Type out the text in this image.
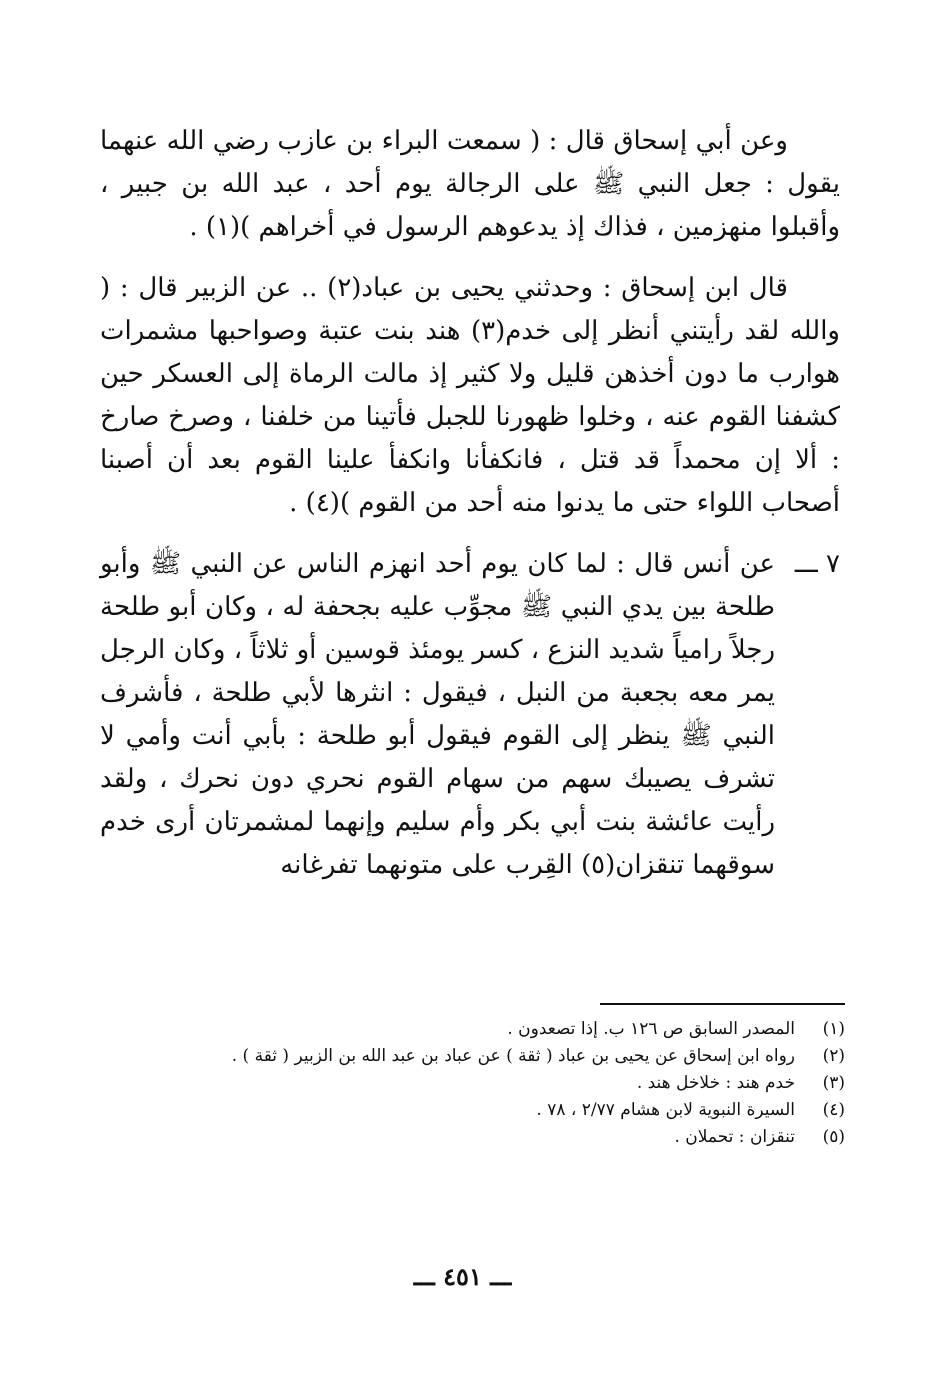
وعن أبي إسحاق قال : ( سمعت البراء بن عازب رضي الله عنهما يقول : جعل النبي ﷺ على الرجالة يوم أحد ، عبد الله بن جبير ، وأقبلوا منهزمين ، فذاك إذ يدعوهم الرسول في أخراهم )(١) .

قال ابن إسحاق : وحدثني يحيى بن عباد(٢) .. عن الزبير قال : ( والله لقد رأيتني أنظر إلى خدم(٣) هند بنت عتبة وصواحبها مشمرات هوارب ما دون أخذهن قليل ولا كثير إذ مالت الرماة إلى العسكر حين كشفنا القوم عنه ، وخلوا ظهورنا للجبل فأتينا من خلفنا ، وصرخ صارخ : ألا إن محمداً قد قتل ، فانكفأنا وانكفأ علينا القوم بعد أن أصبنا أصحاب اللواء حتى ما يدنوا منه أحد من القوم )(٤) .

٧ ـــ
عن أنس قال : لما كان يوم أحد انهزم الناس عن النبي ﷺ وأبو طلحة بين يدي النبي ﷺ مجوِّب عليه بجحفة له ، وكان أبو طلحة رجلاً رامياً شديد النزع ، كسر يومئذ قوسين أو ثلاثاً ، وكان الرجل يمر معه بجعبة من النبل ، فيقول : انثرها لأبي طلحة ، فأشرف النبي ﷺ ينظر إلى القوم فيقول أبو طلحة : بأبي أنت وأمي لا تشرف يصيبك سهم من سهام القوم نحري دون نحرك ، ولقد رأيت عائشة بنت أبي بكر وأم سليم وإنهما لمشمرتان أرى خدم سوقهما تنقزان(٥) القِرب على متونهما تفرغانه

(١)المصدر السابق ص ١٢٦ ب. إذا تصعدون .

(٢)رواه ابن إسحاق عن يحيى بن عباد ( ثقة ) عن عباد بن عبد الله بن الزبير ( ثقة ) .

(٣)خدم هند : خلاخل هند .

(٤)السيرة النبوية لابن هشام ٢/٧٧ ، ٧٨ .

(٥)تنقزان : تحملان .

ـــ ٤٥١ ـــ
